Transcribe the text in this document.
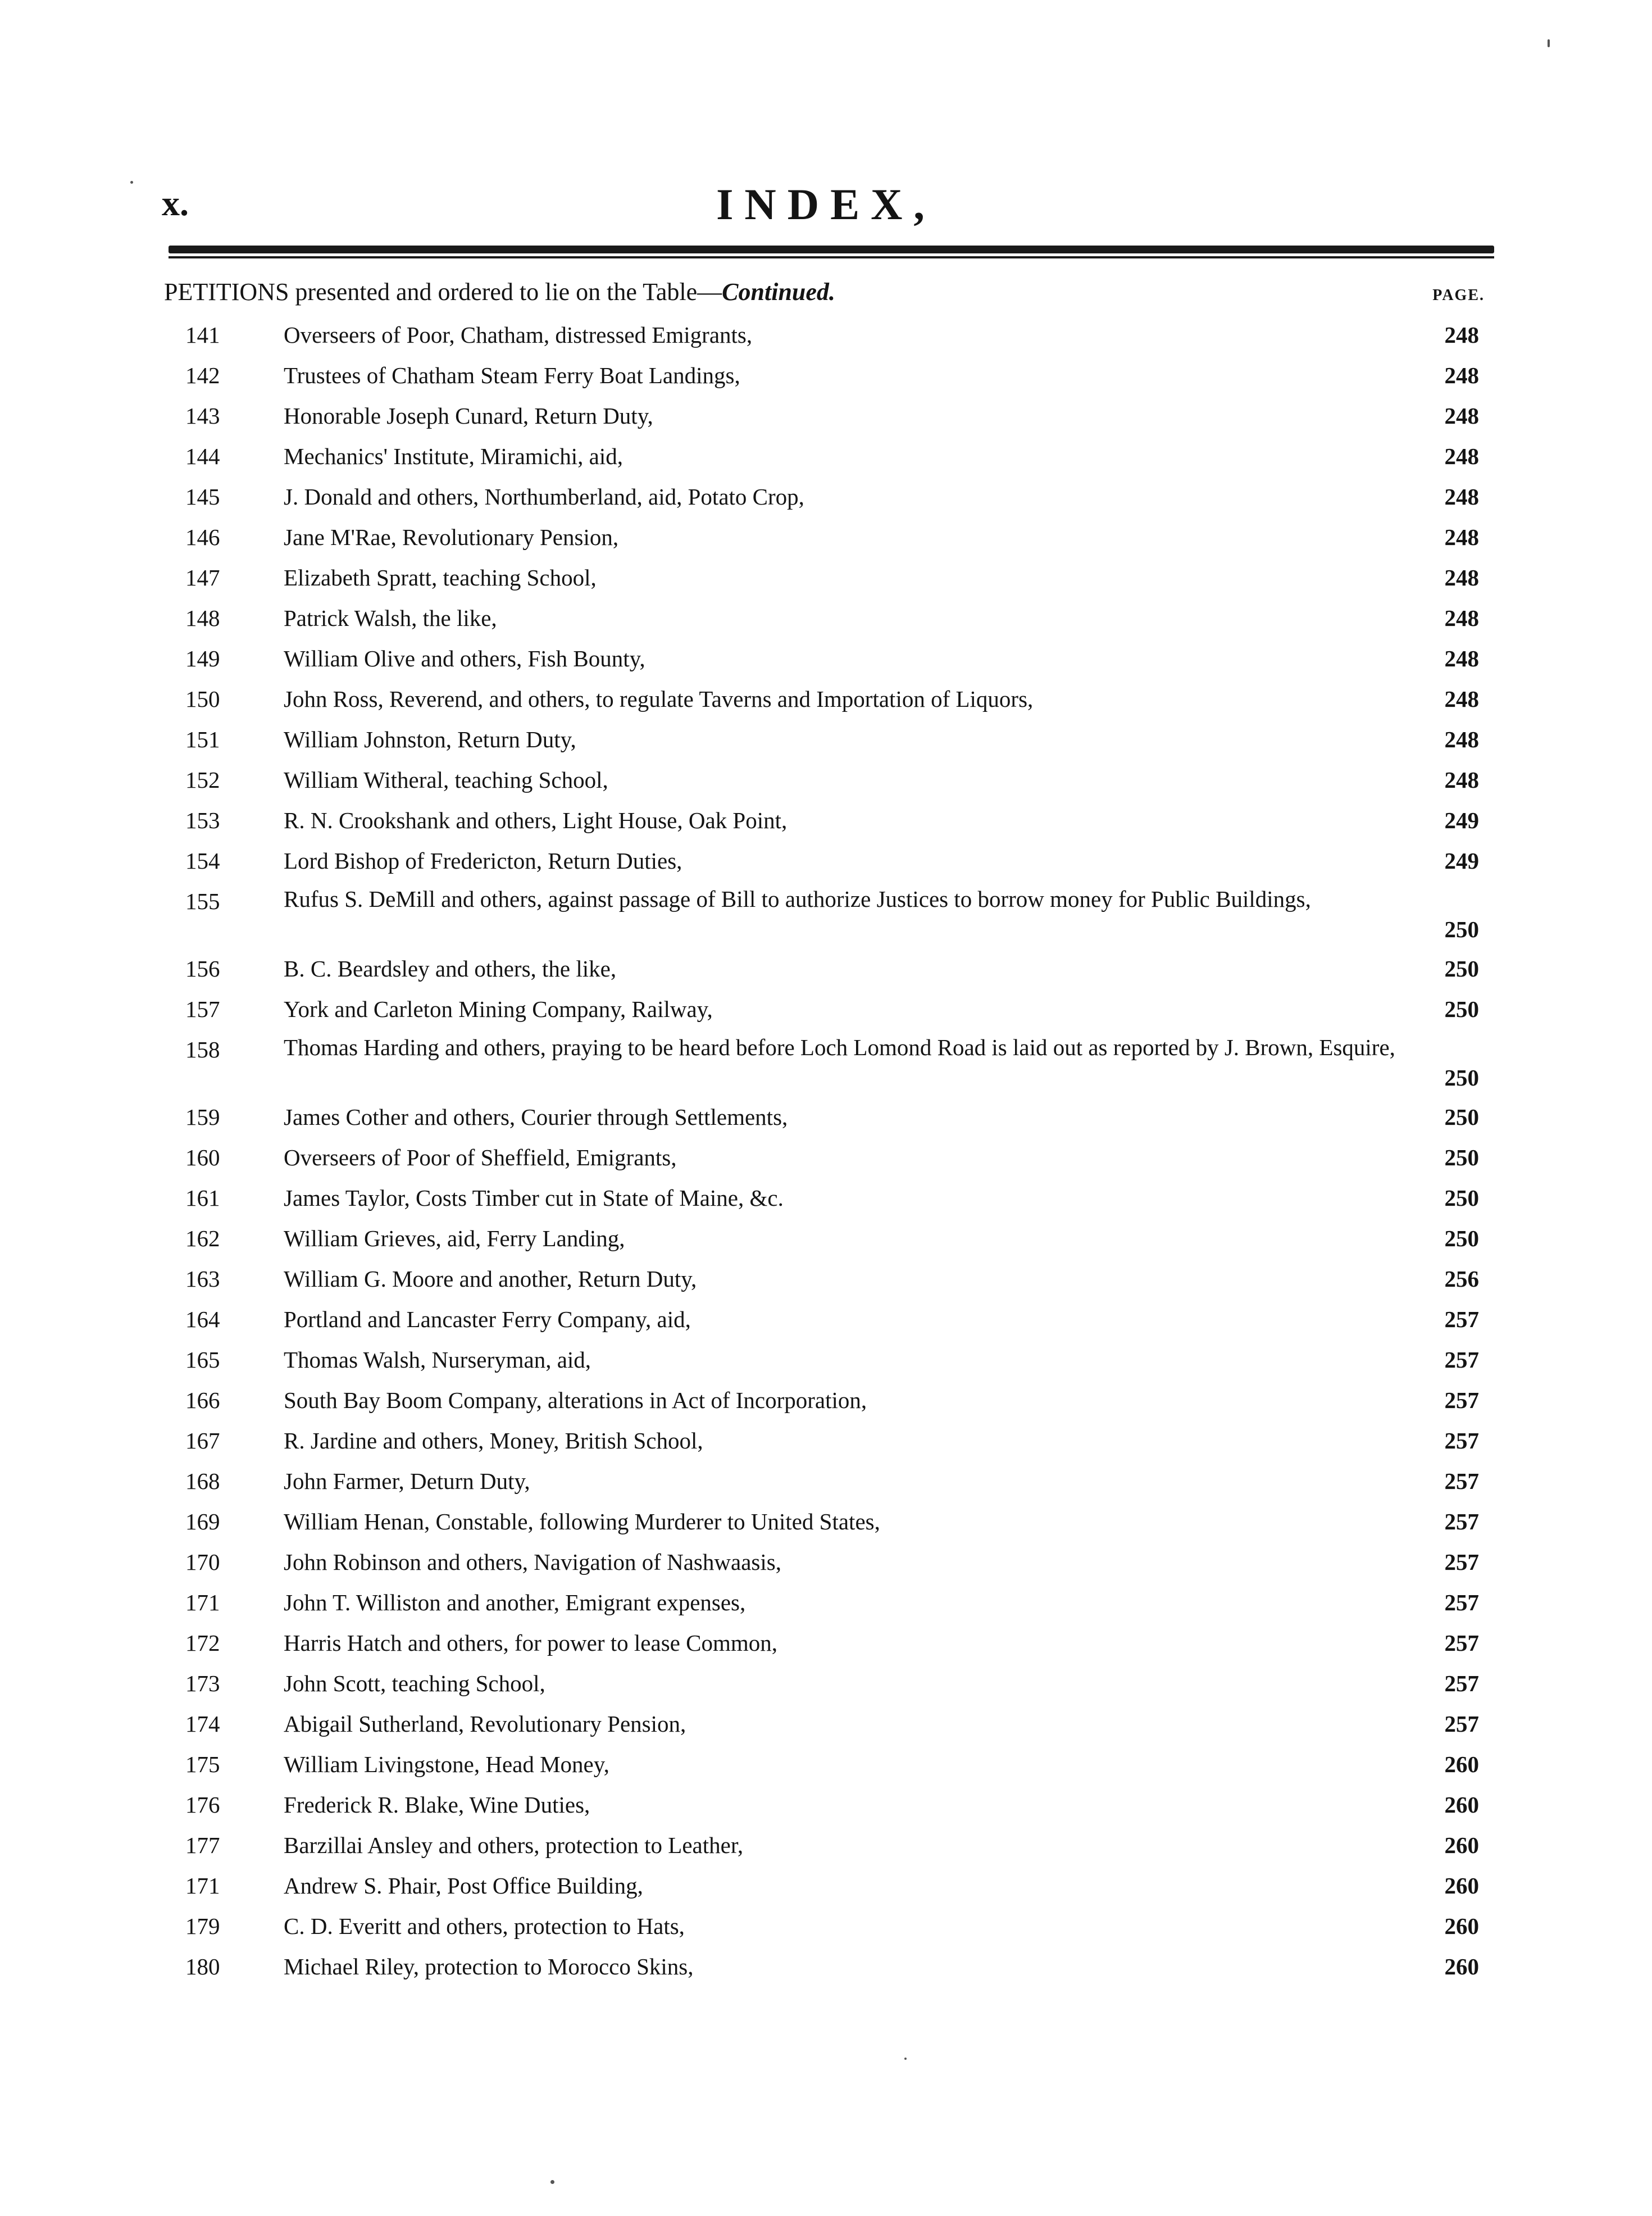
x.	INDEX,
PETITIONS presented and ordered to lie on the Table—Continued.	PAGE.
141	Overseers of Poor, Chatham, distressed Emigrants,	248
142	Trustees of Chatham Steam Ferry Boat Landings,	248
143	Honorable Joseph Cunard, Return Duty,	248
144	Mechanics' Institute, Miramichi, aid,	248
145	J. Donald and others, Northumberland, aid, Potato Crop,	248
146	Jane M'Rae, Revolutionary Pension,	248
147	Elizabeth Spratt, teaching School,	248
148	Patrick Walsh, the like,	248
149	William Olive and others, Fish Bounty,	248
150	John Ross, Reverend, and others, to regulate Taverns and Importation of Liquors,	248
151	William Johnston, Return Duty,	248
152	William Witheral, teaching School,	248
153	R. N. Crookshank and others, Light House, Oak Point,	249
154	Lord Bishop of Fredericton, Return Duties,	249
155	Rufus S. DeMill and others, against passage of Bill to authorize Justices to borrow money for Public Buildings,
250
156	B. C. Beardsley and others, the like,	250
157	York and Carleton Mining Company, Railway,	250
158	Thomas Harding and others, praying to be heard before Loch Lomond Road is laid out as reported by J. Brown, Esquire,
250
159	James Cother and others, Courier through Settlements,	250
160	Overseers of Poor of Sheffield, Emigrants,	250
161	James Taylor, Costs Timber cut in State of Maine, &c.	250
162	William Grieves, aid, Ferry Landing,	250
163	William G. Moore and another, Return Duty,	256
164	Portland and Lancaster Ferry Company, aid,	257
165	Thomas Walsh, Nurseryman, aid,	257
166	South Bay Boom Company, alterations in Act of Incorporation,	257
167	R. Jardine and others, Money, British School,	257
168	John Farmer, Deturn Duty,	257
169	William Henan, Constable, following Murderer to United States,	257
170	John Robinson and others, Navigation of Nashwaasis,	257
171	John T. Williston and another, Emigrant expenses,	257
172	Harris Hatch and others, for power to lease Common,	257
173	John Scott, teaching School,	257
174	Abigail Sutherland, Revolutionary Pension,	257
175	William Livingstone, Head Money,	260
176	Frederick R. Blake, Wine Duties,	260
177	Barzillai Ansley and others, protection to Leather,	260
171	Andrew S. Phair, Post Office Building,	260
179	C. D. Everitt and others, protection to Hats,	260
180	Michael Riley, protection to Morocco Skins,	260
